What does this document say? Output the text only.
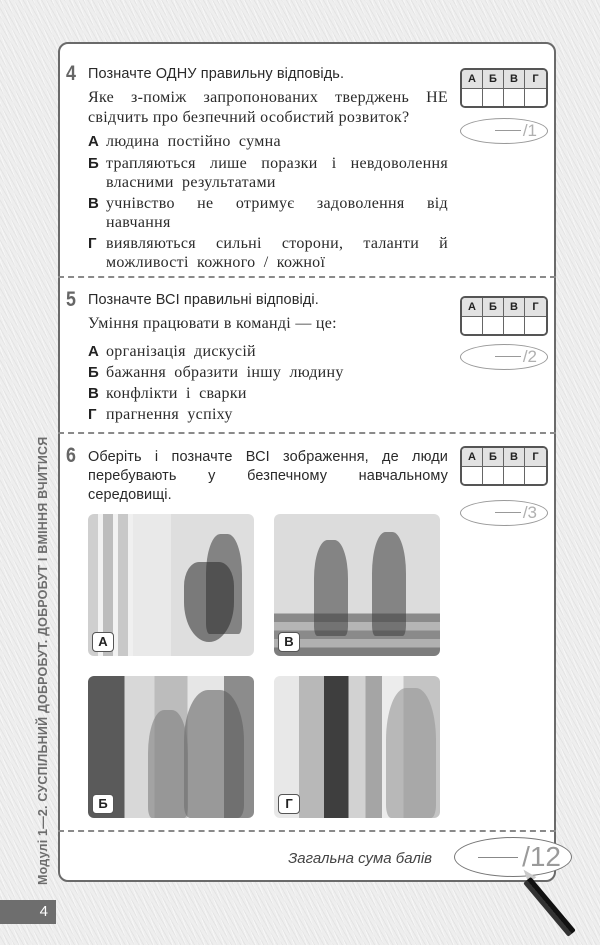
Модулі 1—2. СУСПІЛЬНИЙ ДОБРОБУТ. ДОБРОБУТ І ВМІННЯ ВЧИТИСЯ
4
4 Позначте ОДНУ правильну відповідь.
Яке з-поміж запропонованих тверджень НЕ свідчить про безпечний особистий розвиток?
А людина постійно сумна
Б трапляються лише поразки і невдоволення власними результатами
В учнівство не отримує задоволення від навчання
Г виявляються сильні сторони, таланти й можливості кожного / кожної
А	Б	В	Г
/1
5 Позначте ВСІ правильні відповіді.
Уміння працювати в команді — це:
А організація дискусій
Б бажання образити іншу людину
В конфлікти і сварки
Г прагнення успіху
А	Б	В	Г
/2
6 Оберіть і позначте ВСІ зображення, де люди перебувають у безпечному навчальному середовищі.
А	В
Б	Г
А	Б	В	Г
/3
Загальна сума балів	/12
